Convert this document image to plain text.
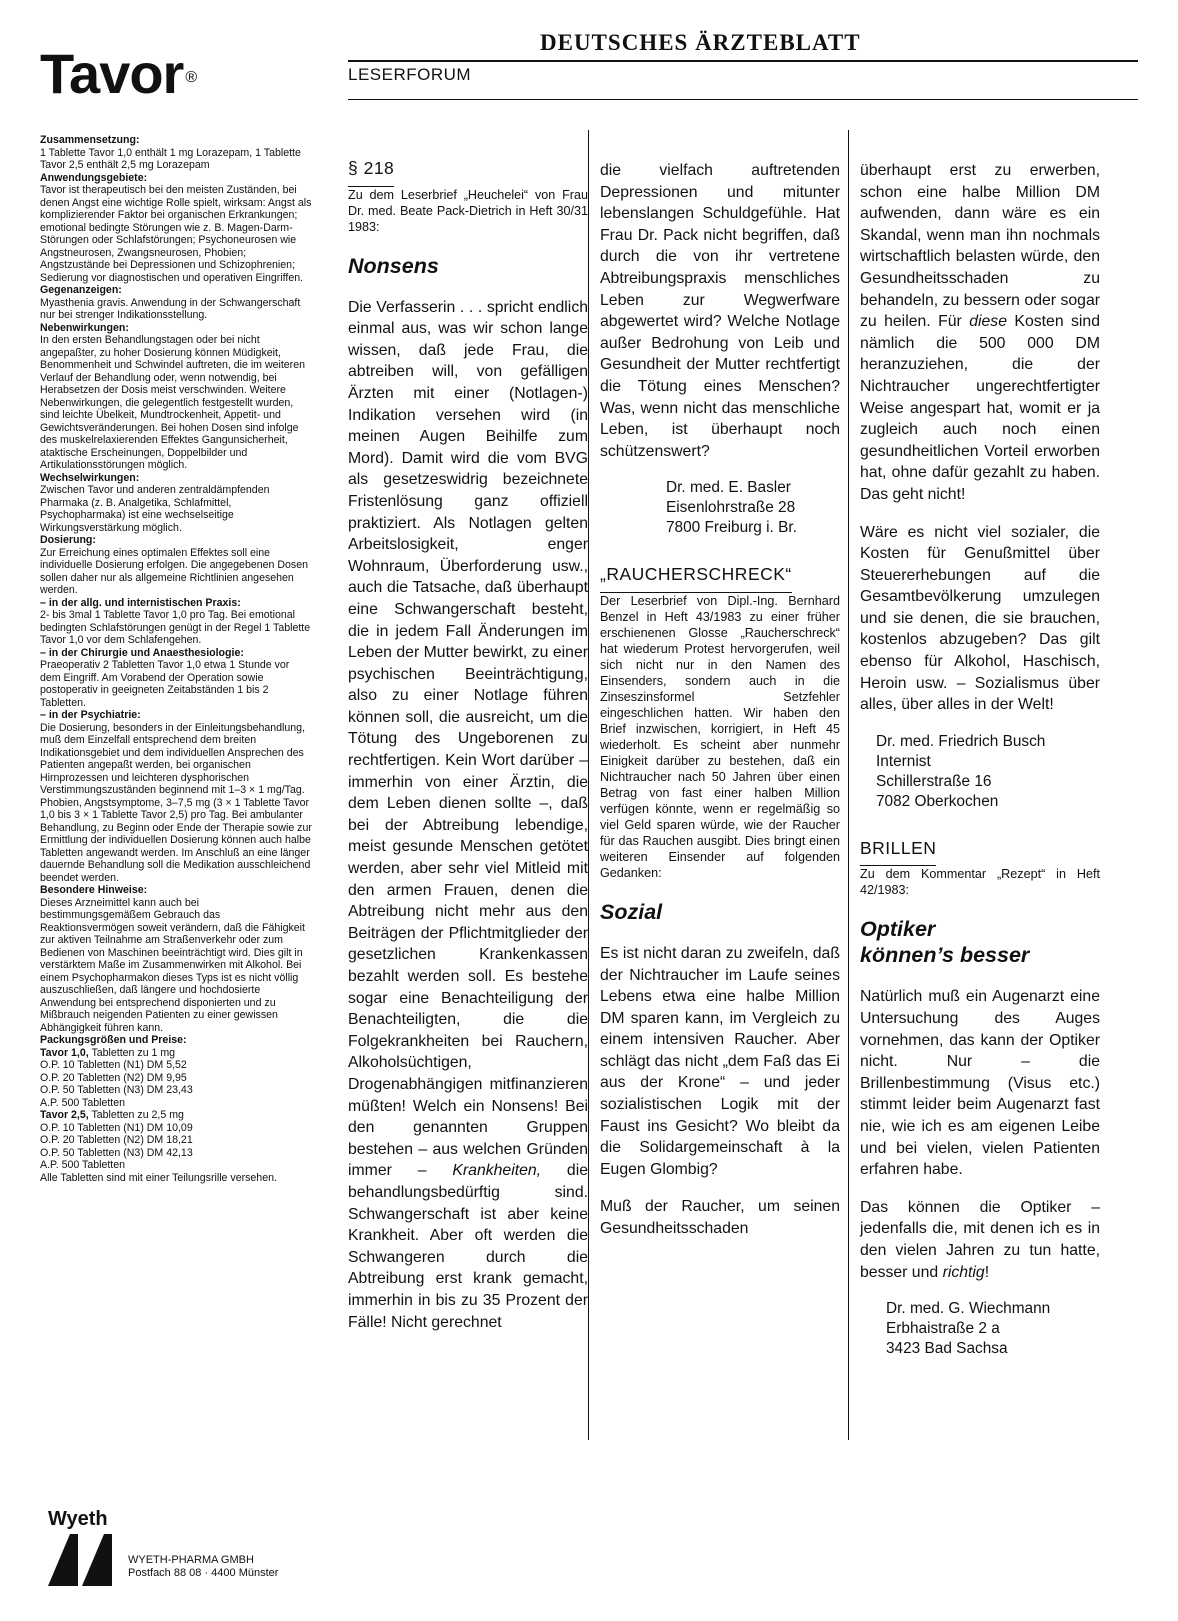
Tavor ®
Zusammensetzung:

1 Tablette Tavor 1,0 enthält 1 mg Lorazepam, 1 Tablette Tavor 2,5 enthält 2,5 mg Lorazepam

Anwendungsgebiete:

Tavor ist therapeutisch bei den meisten Zuständen, bei denen Angst eine wichtige Rolle spielt, wirksam: Angst als komplizierender Faktor bei organischen Erkrankungen; emotional bedingte Störungen wie z. B. Magen-Darm-Störungen oder Schlafstörungen; Psychoneurosen wie Angstneurosen, Zwangsneurosen, Phobien; Angstzustände bei Depressionen und Schizophrenien; Sedierung vor diagnostischen und operativen Eingriffen.

Gegenanzeigen:

Myasthenia gravis. Anwendung in der Schwangerschaft nur bei strenger Indikationsstellung.

Nebenwirkungen:

In den ersten Behandlungstagen oder bei nicht angepaßter, zu hoher Dosierung können Müdigkeit, Benommenheit und Schwindel auftreten, die im weiteren Verlauf der Behandlung oder, wenn notwendig, bei Herabsetzen der Dosis meist verschwinden. Weitere Nebenwirkungen, die gelegentlich festgestellt wurden, sind leichte Übelkeit, Mundtrockenheit, Appetit- und Gewichtsveränderungen. Bei hohen Dosen sind infolge des muskelrelaxierenden Effektes Gangunsicherheit, ataktische Erscheinungen, Doppelbilder und Artikulationsstörungen möglich.

Wechselwirkungen:

Zwischen Tavor und anderen zentraldämpfenden Pharmaka (z. B. Analgetika, Schlafmittel, Psychopharmaka) ist eine wechselseitige Wirkungsverstärkung möglich.

Dosierung:

Zur Erreichung eines optimalen Effektes soll eine individuelle Dosierung erfolgen. Die angegebenen Dosen sollen daher nur als allgemeine Richtlinien angesehen werden.

– in der allg. und internistischen Praxis:

2- bis 3mal 1 Tablette Tavor 1,0 pro Tag. Bei emotional bedingten Schlafstörungen genügt in der Regel 1 Tablette Tavor 1,0 vor dem Schlafengehen.

– in der Chirurgie und Anaesthesiologie:

Praeoperativ 2 Tabletten Tavor 1,0 etwa 1 Stunde vor dem Eingriff. Am Vorabend der Operation sowie postoperativ in geeigneten Zeitabständen 1 bis 2 Tabletten.

– in der Psychiatrie:

Die Dosierung, besonders in der Einleitungsbehandlung, muß dem Einzelfall entsprechend dem breiten Indikationsgebiet und dem individuellen Ansprechen des Patienten angepaßt werden, bei organischen Hirnprozessen und leichteren dysphorischen Verstimmungszuständen beginnend mit 1–3 × 1 mg/Tag. Phobien, Angstsymptome, 3–7,5 mg (3 × 1 Tablette Tavor 1,0 bis 3 × 1 Tablette Tavor 2,5) pro Tag. Bei ambulanter Behandlung, zu Beginn oder Ende der Therapie sowie zur Ermittlung der individuellen Dosierung können auch halbe Tabletten angewandt werden. Im Anschluß an eine länger dauernde Behandlung soll die Medikation ausschleichend beendet werden.

Besondere Hinweise:

Dieses Arzneimittel kann auch bei bestimmungsgemäßem Gebrauch das Reaktionsvermögen soweit verändern, daß die Fähigkeit zur aktiven Teilnahme am Straßenverkehr oder zum Bedienen von Maschinen beeinträchtigt wird. Dies gilt in verstärktem Maße im Zusammenwirken mit Alkohol. Bei einem Psychopharmakon dieses Typs ist es nicht völlig auszuschließen, daß längere und hochdosierte Anwendung bei entsprechend disponierten und zu Mißbrauch neigenden Patienten zu einer gewissen Abhängigkeit führen kann.

Packungsgrößen und Preise:

Tavor 1,0, Tabletten zu 1 mg

O.P. 10 Tabletten (N1) DM 5,52

O.P. 20 Tabletten (N2) DM 9,95

O.P. 50 Tabletten (N3) DM 23,43

A.P. 500 Tabletten

Tavor 2,5, Tabletten zu 2,5 mg

O.P. 10 Tabletten (N1) DM 10,09

O.P. 20 Tabletten (N2) DM 18,21

O.P. 50 Tabletten (N3) DM 42,13

A.P. 500 Tabletten

Alle Tabletten sind mit einer Teilungsrille versehen.

Wyeth
WYETH-PHARMA GMBH
Postfach 88 08 · 4400 Münster
DEUTSCHES ÄRZTEBLATT
LESERFORUM
§ 218

Zu dem Leserbrief „Heuchelei“ von Frau Dr. med. Beate Pack-Dietrich in Heft 30/31 1983:

Nonsens

Die Verfasserin . . . spricht endlich einmal aus, was wir schon lange wissen, daß jede Frau, die abtreiben will, von gefälligen Ärzten mit einer (Notlagen-) Indikation versehen wird (in meinen Augen Beihilfe zum Mord). Damit wird die vom BVG als gesetzeswidrig bezeichnete Fristenlösung ganz offiziell praktiziert. Als Notlagen gelten Arbeitslosigkeit, enger Wohnraum, Überforderung usw., auch die Tatsache, daß überhaupt eine Schwangerschaft besteht, die in jedem Fall Änderungen im Leben der Mutter bewirkt, zu einer psychischen Beeinträchtigung, also zu einer Notlage führen können soll, die ausreicht, um die Tötung des Ungeborenen zu rechtfertigen. Kein Wort darüber – immerhin von einer Ärztin, die dem Leben dienen sollte –, daß bei der Abtreibung lebendige, meist gesunde Menschen getötet werden, aber sehr viel Mitleid mit den armen Frauen, denen die Abtreibung nicht mehr aus den Beiträgen der Pflichtmitglieder der gesetzlichen Krankenkassen bezahlt werden soll. Es bestehe sogar eine Benachteiligung der Benachteiligten, die die Folgekrankheiten bei Rauchern, Alkoholsüchtigen, Drogenabhängigen mitfinanzieren müßten! Welch ein Nonsens! Bei den genannten Gruppen bestehen – aus welchen Gründen immer – Krankheiten, die behandlungsbedürftig sind. Schwangerschaft ist aber keine Krankheit. Aber oft werden die Schwangeren durch die Abtreibung erst krank gemacht, immerhin in bis zu 35 Prozent der Fälle! Nicht gerechnet

die vielfach auftretenden Depressionen und mitunter lebenslangen Schuldgefühle. Hat Frau Dr. Pack nicht begriffen, daß durch die von ihr vertretene Abtreibungspraxis menschliches Leben zur Wegwerfware abgewertet wird? Welche Notlage außer Bedrohung von Leib und Gesundheit der Mutter rechtfertigt die Tötung eines Menschen? Was, wenn nicht das menschliche Leben, ist überhaupt noch schützenswert?

Dr. med. E. Basler
Eisenlohrstraße 28
7800 Freiburg i. Br.
„RAUCHERSCHRECK“

Der Leserbrief von Dipl.-Ing. Bernhard Benzel in Heft 43/1983 zu einer früher erschienenen Glosse „Raucherschreck“ hat wiederum Protest hervorgerufen, weil sich nicht nur in den Namen des Einsenders, sondern auch in die Zinseszinsformel Setzfehler eingeschlichen hatten. Wir haben den Brief inzwischen, korrigiert, in Heft 45 wiederholt. Es scheint aber nunmehr Einigkeit darüber zu bestehen, daß ein Nichtraucher nach 50 Jahren über einen Betrag von fast einer halben Million verfügen könnte, wenn er regelmäßig so viel Geld sparen würde, wie der Raucher für das Rauchen ausgibt. Dies bringt einen weiteren Einsender auf folgenden Gedanken:

Sozial

Es ist nicht daran zu zweifeln, daß der Nichtraucher im Laufe seines Lebens etwa eine halbe Million DM sparen kann, im Vergleich zu einem intensiven Raucher. Aber schlägt das nicht „dem Faß das Ei aus der Krone“ – und jeder sozialistischen Logik mit der Faust ins Gesicht? Wo bleibt da die Solidargemeinschaft à la Eugen Glombig?

Muß der Raucher, um seinen Gesundheitsschaden

überhaupt erst zu erwerben, schon eine halbe Million DM aufwenden, dann wäre es ein Skandal, wenn man ihn nochmals wirtschaftlich belasten würde, den Gesundheitsschaden zu behandeln, zu bessern oder sogar zu heilen. Für diese Kosten sind nämlich die 500 000 DM heranzuziehen, die der Nichtraucher ungerechtfertigter Weise angespart hat, womit er ja zugleich auch noch einen gesundheitlichen Vorteil erworben hat, ohne dafür gezahlt zu haben. Das geht nicht!

Wäre es nicht viel sozialer, die Kosten für Genußmittel über Steuererhebungen auf die Gesamtbevölkerung umzulegen und sie denen, die sie brauchen, kostenlos abzugeben? Das gilt ebenso für Alkohol, Haschisch, Heroin usw. – Sozialismus über alles, über alles in der Welt!

Dr. med. Friedrich Busch
Internist
Schillerstraße 16
7082 Oberkochen
BRILLEN

Zu dem Kommentar „Rezept“ in Heft 42/1983:

Optiker
können’s besser

Natürlich muß ein Augenarzt eine Untersuchung des Auges vornehmen, das kann der Optiker nicht. Nur – die Brillenbestimmung (Visus etc.) stimmt leider beim Augenarzt fast nie, wie ich es am eigenen Leibe und bei vielen, vielen Patienten erfahren habe.

Das können die Optiker – jedenfalls die, mit denen ich es in den vielen Jahren zu tun hatte, besser und richtig!

Dr. med. G. Wiechmann
Erbhaistraße 2 a
3423 Bad Sachsa
